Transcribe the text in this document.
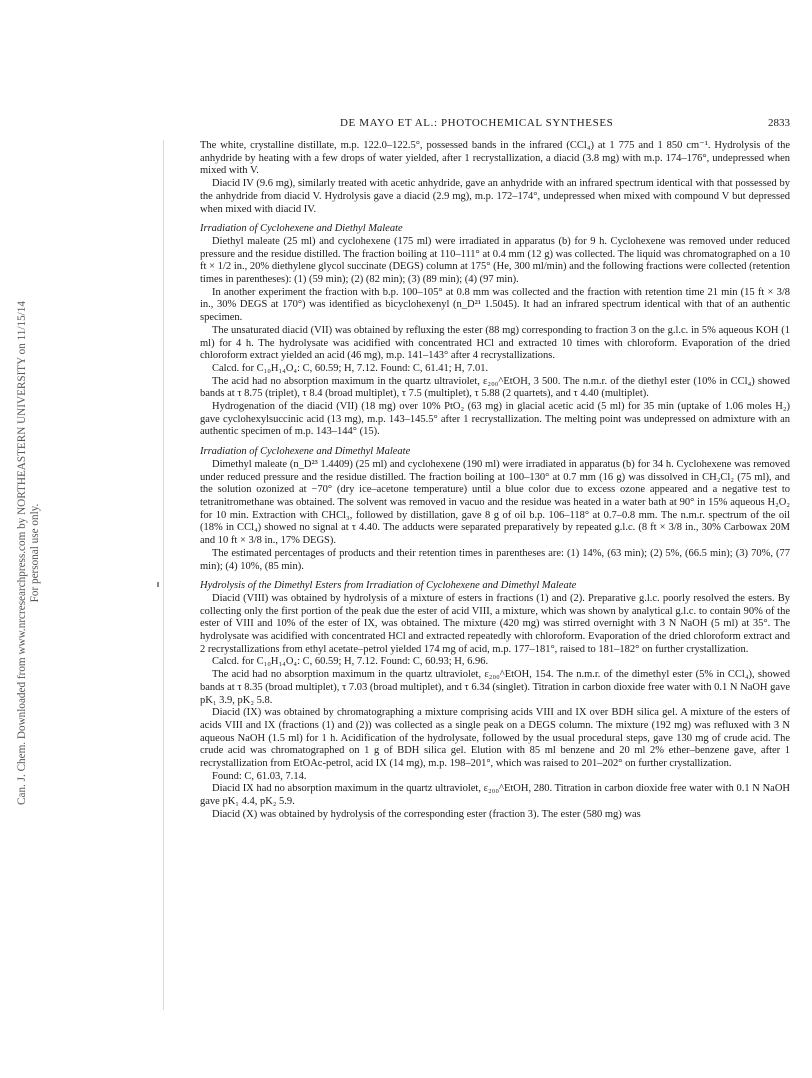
Can. J. Chem. Downloaded from www.nrcresearchpress.com by NORTHEASTERN UNIVERSITY on 11/15/14 For personal use only.
DE MAYO ET AL.: PHOTOCHEMICAL SYNTHESES	2833

The white, crystalline distillate, m.p. 122.0–122.5°, possessed bands in the infrared (CCl₄) at 1 775 and 1 850 cm⁻¹. Hydrolysis of the anhydride by heating with a few drops of water yielded, after 1 recrystallization, a diacid (3.8 mg) with m.p. 174–176°, undepressed when mixed with V.

Diacid IV (9.6 mg), similarly treated with acetic anhydride, gave an anhydride with an infrared spectrum identical with that possessed by the anhydride from diacid V. Hydrolysis gave a diacid (2.9 mg), m.p. 172–174°, undepressed when mixed with compound V but depressed when mixed with diacid IV.

Irradiation of Cyclohexene and Diethyl Maleate

Diethyl maleate (25 ml) and cyclohexene (175 ml) were irradiated in apparatus (b) for 9 h. Cyclohexene was removed under reduced pressure and the residue distilled. The fraction boiling at 110–111° at 0.4 mm (12 g) was collected. The liquid was chromatographed on a 10 ft × 1/2 in., 20% diethylene glycol succinate (DEGS) column at 175° (He, 300 ml/min) and the following fractions were collected (retention times in parentheses): (1) (59 min); (2) (82 min); (3) (89 min); (4) (97 min).

In another experiment the fraction with b.p. 100–105° at 0.8 mm was collected and the fraction with retention time 21 min (15 ft × 3/8 in., 30% DEGS at 170°) was identified as bicyclohexenyl (n_D²¹ 1.5045). It had an infrared spectrum identical with that of an authentic specimen.

The unsaturated diacid (VII) was obtained by refluxing the ester (88 mg) corresponding to fraction 3 on the g.l.c. in 5% aqueous KOH (1 ml) for 4 h. The hydrolysate was acidified with concentrated HCl and extracted 10 times with chloroform. Evaporation of the dried chloroform extract yielded an acid (46 mg), m.p. 141–143° after 4 recrystallizations.

Calcd. for C₁₀H₁₄O₄: C, 60.59; H, 7.12. Found: C, 61.41; H, 7.01.

The acid had no absorption maximum in the quartz ultraviolet, ε₂₀₀^EtOH, 3 500. The n.m.r. of the diethyl ester (10% in CCl₄) showed bands at τ 8.75 (triplet), τ 8.4 (broad multiplet), τ 7.5 (multiplet), τ 5.88 (2 quartets), and τ 4.40 (multiplet).

Hydrogenation of the diacid (VII) (18 mg) over 10% PtO₂ (63 mg) in glacial acetic acid (5 ml) for 35 min (uptake of 1.06 moles H₂) gave cyclohexylsuccinic acid (13 mg), m.p. 143–145.5° after 1 recrystallization. The melting point was undepressed on admixture with an authentic specimen of m.p. 143–144° (15).

Irradiation of Cyclohexene and Dimethyl Maleate

Dimethyl maleate (n_D²³ 1.4409) (25 ml) and cyclohexene (190 ml) were irradiated in apparatus (b) for 34 h. Cyclohexene was removed under reduced pressure and the residue distilled. The fraction boiling at 100–130° at 0.7 mm (16 g) was dissolved in CH₂Cl₂ (75 ml), and the solution ozonized at −70° (dry ice–acetone temperature) until a blue color due to excess ozone appeared and a negative test to tetranitromethane was obtained. The solvent was removed in vacuo and the residue was heated in a water bath at 90° in 15% aqueous H₂O₂ for 10 min. Extraction with CHCl₃, followed by distillation, gave 8 g of oil b.p. 106–118° at 0.7–0.8 mm. The n.m.r. spectrum of the oil (18% in CCl₄) showed no signal at τ 4.40. The adducts were separated preparatively by repeated g.l.c. (8 ft × 3/8 in., 30% Carbowax 20M and 10 ft × 3/8 in., 17% DEGS).

The estimated percentages of products and their retention times in parentheses are: (1) 14%, (63 min); (2) 5%, (66.5 min); (3) 70%, (77 min); (4) 10%, (85 min).

Hydrolysis of the Dimethyl Esters from Irradiation of Cyclohexene and Dimethyl Maleate

Diacid (VIII) was obtained by hydrolysis of a mixture of esters in fractions (1) and (2). Preparative g.l.c. poorly resolved the esters. By collecting only the first portion of the peak due the ester of acid VIII, a mixture, which was shown by analytical g.l.c. to contain 90% of the ester of VIII and 10% of the ester of IX, was obtained. The mixture (420 mg) was stirred overnight with 3 N NaOH (5 ml) at 35°. The hydrolysate was acidified with concentrated HCl and extracted repeatedly with chloroform. Evaporation of the dried chloroform extract and 2 recrystallizations from ethyl acetate–petrol yielded 174 mg of acid, m.p. 177–181°, raised to 181–182° on further crystallization.

Calcd. for C₁₀H₁₄O₄: C, 60.59; H, 7.12. Found: C, 60.93; H, 6.96.

The acid had no absorption maximum in the quartz ultraviolet, ε₂₀₀^EtOH, 154. The n.m.r. of the dimethyl ester (5% in CCl₄), showed bands at τ 8.35 (broad multiplet), τ 7.03 (broad multiplet), and τ 6.34 (singlet). Titration in carbon dioxide free water with 0.1 N NaOH gave pK₁ 3.9, pK₂ 5.8.

Diacid (IX) was obtained by chromatographing a mixture comprising acids VIII and IX over BDH silica gel. A mixture of the esters of acids VIII and IX (fractions (1) and (2)) was collected as a single peak on a DEGS column. The mixture (192 mg) was refluxed with 3 N aqueous NaOH (1.5 ml) for 1 h. Acidification of the hydrolysate, followed by the usual procedural steps, gave 130 mg of crude acid. The crude acid was chromatographed on 1 g of BDH silica gel. Elution with 85 ml benzene and 20 ml 2% ether–benzene gave, after 1 recrystallization from EtOAc-petrol, acid IX (14 mg), m.p. 198–201°, which was raised to 201–202° on further crystallization.

Found: C, 61.03, 7.14.

Diacid IX had no absorption maximum in the quartz ultraviolet, ε₂₀₀^EtOH, 280. Titration in carbon dioxide free water with 0.1 N NaOH gave pK₁ 4.4, pK₂ 5.9.

Diacid (X) was obtained by hydrolysis of the corresponding ester (fraction 3). The ester (580 mg) was
